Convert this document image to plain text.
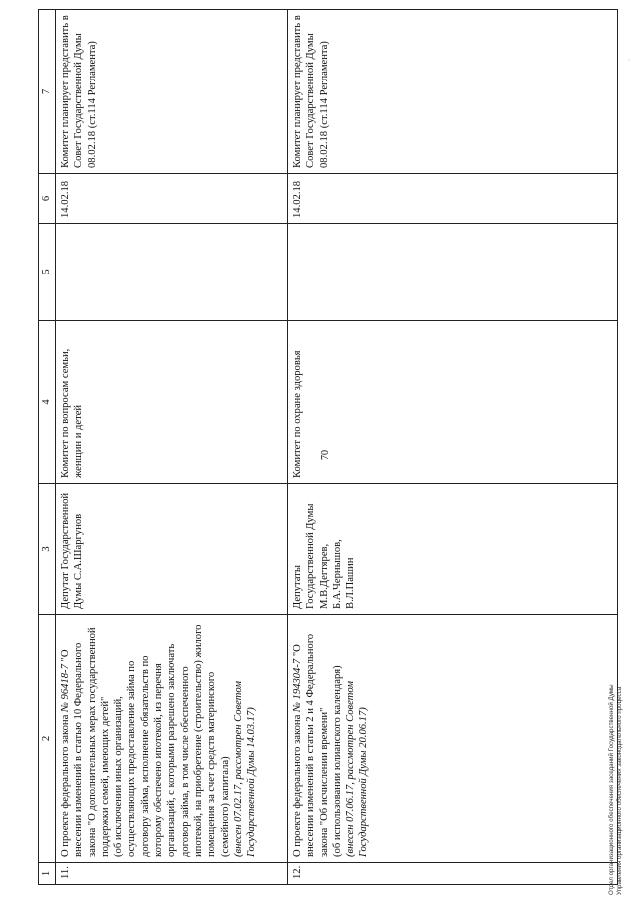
70
·
1	2	3	4	5	6	7
11.	О проекте федерального закона № 96418-7 "О внесении изменений в статью 10 Федерального закона "О дополнительных мерах государственной поддержки семей, имеющих детей" (об исключении иных организаций, осуществляющих предоставление займа по договору займа, исполнение обязательств по которому обеспечено ипотекой, из перечня организаций, с которыми разрешено заключать договор займа, в том числе обеспеченного ипотекой, на приобретение (строительство) жилого помещения за счет средств материнского (семейного) капитала) (внесен 07.02.17, рассмотрен Советом Государственной Думы 14.03.17)	Депутат Государственной Думы С.А.Шаргунов	Комитет по вопросам семьи, женщин и детей		14.02.18	Комитет планирует представить в Совет Государственной Думы 08.02.18 (ст.114 Регламента)
12.	О проекте федерального закона № 194304-7 "О внесении изменений в статьи 2 и 4 Федерального закона "Об исчислении времени" (об использовании юлианского календаря) (внесен 07.06.17, рассмотрен Советом Государственной Думы 20.06.17)	Депутаты Государственной Думы М.В.Дегтярев, Б.А.Чернышов, В.Л.Пашин	Комитет по охране здоровья		14.02.18	Комитет планирует представить в Совет Государственной Думы 08.02.18 (ст.114 Регламента)
Отдел организационного обеспечения заседаний Государственной Думы Управления организационного обеспечения законодательного процесса
